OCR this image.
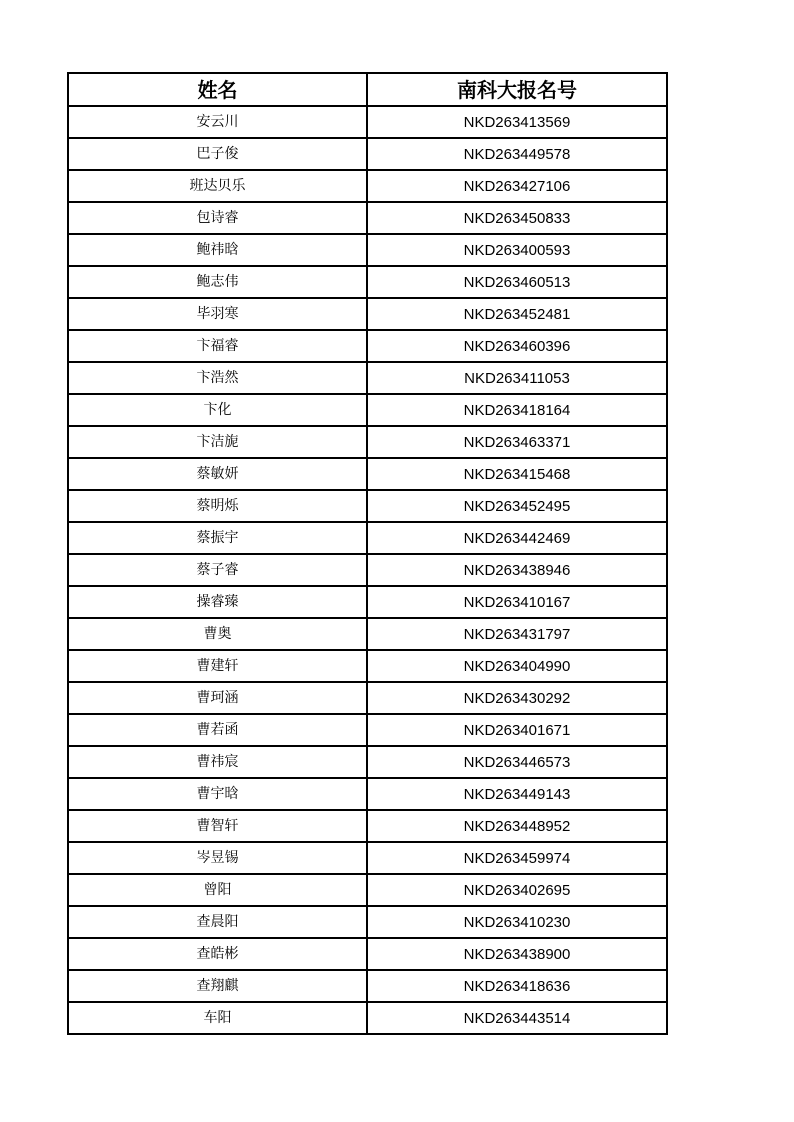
姓名	南科大报名号
安云川	NKD263413569
巴子俊	NKD263449578
班达贝乐	NKD263427106
包诗睿	NKD263450833
鲍祎晗	NKD263400593
鲍志伟	NKD263460513
毕羽寒	NKD263452481
卞福睿	NKD263460396
卞浩然	NKD263411053
卞化	NKD263418164
卞洁旎	NKD263463371
蔡敏妍	NKD263415468
蔡明烁	NKD263452495
蔡振宇	NKD263442469
蔡子睿	NKD263438946
操睿臻	NKD263410167
曹奥	NKD263431797
曹建轩	NKD263404990
曹珂涵	NKD263430292
曹若函	NKD263401671
曹祎宸	NKD263446573
曹宇晗	NKD263449143
曹智轩	NKD263448952
岑昱锡	NKD263459974
曾阳	NKD263402695
查晨阳	NKD263410230
查皓彬	NKD263438900
查翔麒	NKD263418636
车阳	NKD263443514
